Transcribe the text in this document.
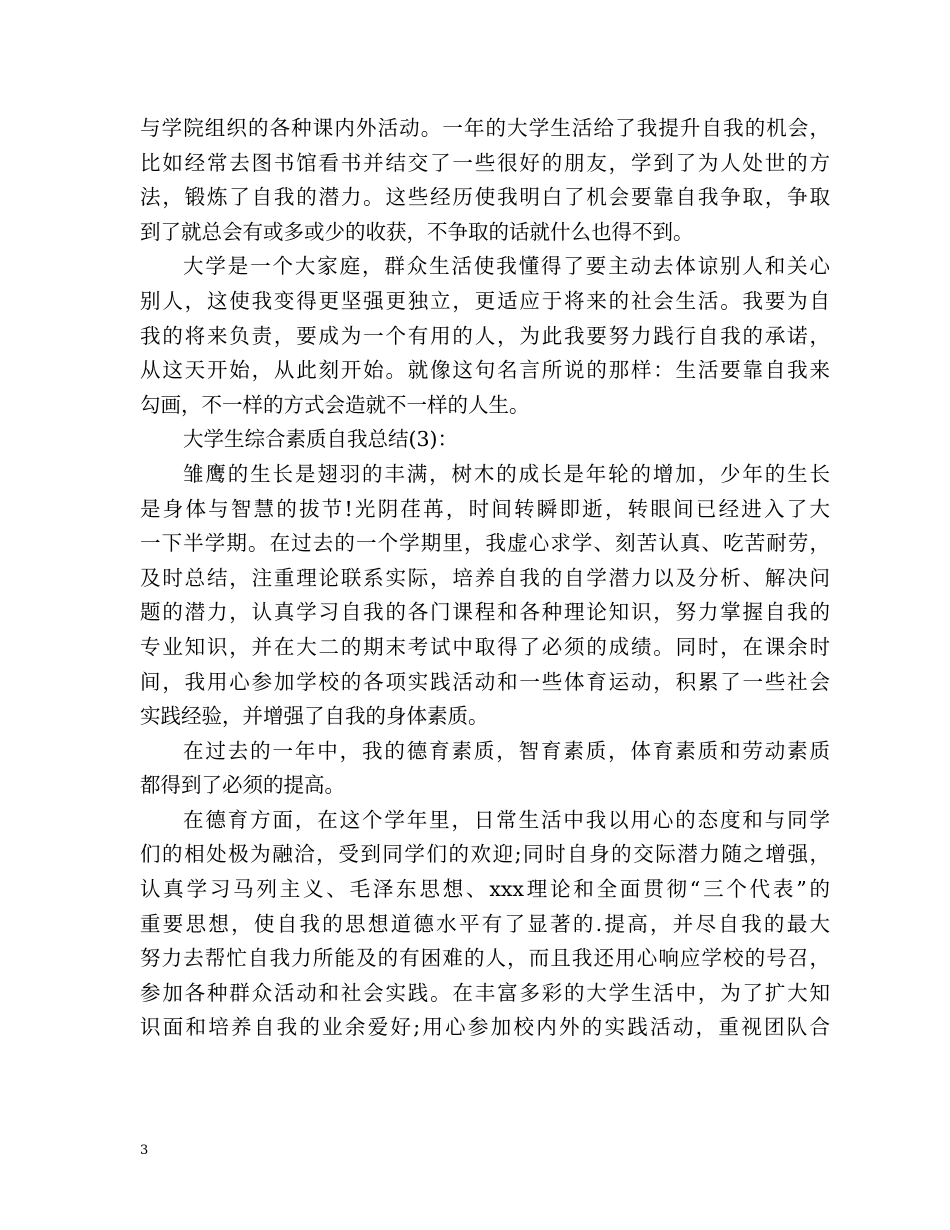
与学院组织的各种课内外活动。一年的大学生活给了我提升自我的机会，
比如经常去图书馆看书并结交了一些很好的朋友，学到了为人处世的方
法，锻炼了自我的潜力。这些经历使我明白了机会要靠自我争取，争取
到了就总会有或多或少的收获，不争取的话就什么也得不到。
大学是一个大家庭，群众生活使我懂得了要主动去体谅别人和关心
别人，这使我变得更坚强更独立，更适应于将来的社会生活。我要为自
我的将来负责，要成为一个有用的人，为此我要努力践行自我的承诺，
从这天开始，从此刻开始。就像这句名言所说的那样：生活要靠自我来
勾画，不一样的方式会造就不一样的人生。
大学生综合素质自我总结(3)：
雏鹰的生长是翅羽的丰满，树木的成长是年轮的增加，少年的生长
是身体与智慧的拔节!光阴荏苒，时间转瞬即逝，转眼间已经进入了大
一下半学期。在过去的一个学期里，我虚心求学、刻苦认真、吃苦耐劳，
及时总结，注重理论联系实际，培养自我的自学潜力以及分析、解决问
题的潜力，认真学习自我的各门课程和各种理论知识，努力掌握自我的
专业知识，并在大二的期末考试中取得了必须的成绩。同时，在课余时
间，我用心参加学校的各项实践活动和一些体育运动，积累了一些社会
实践经验，并增强了自我的身体素质。
在过去的一年中，我的德育素质，智育素质，体育素质和劳动素质
都得到了必须的提高。
在德育方面，在这个学年里，日常生活中我以用心的态度和与同学
们的相处极为融洽，受到同学们的欢迎;同时自身的交际潜力随之增强，
认真学习马列主义、毛泽东思想、xxx理论和全面贯彻“三个代表”的
重要思想，使自我的思想道德水平有了显著的.提高，并尽自我的最大
努力去帮忙自我力所能及的有困难的人，而且我还用心响应学校的号召，
参加各种群众活动和社会实践。在丰富多彩的大学生活中，为了扩大知
识面和培养自我的业余爱好;用心参加校内外的实践活动，重视团队合
3
